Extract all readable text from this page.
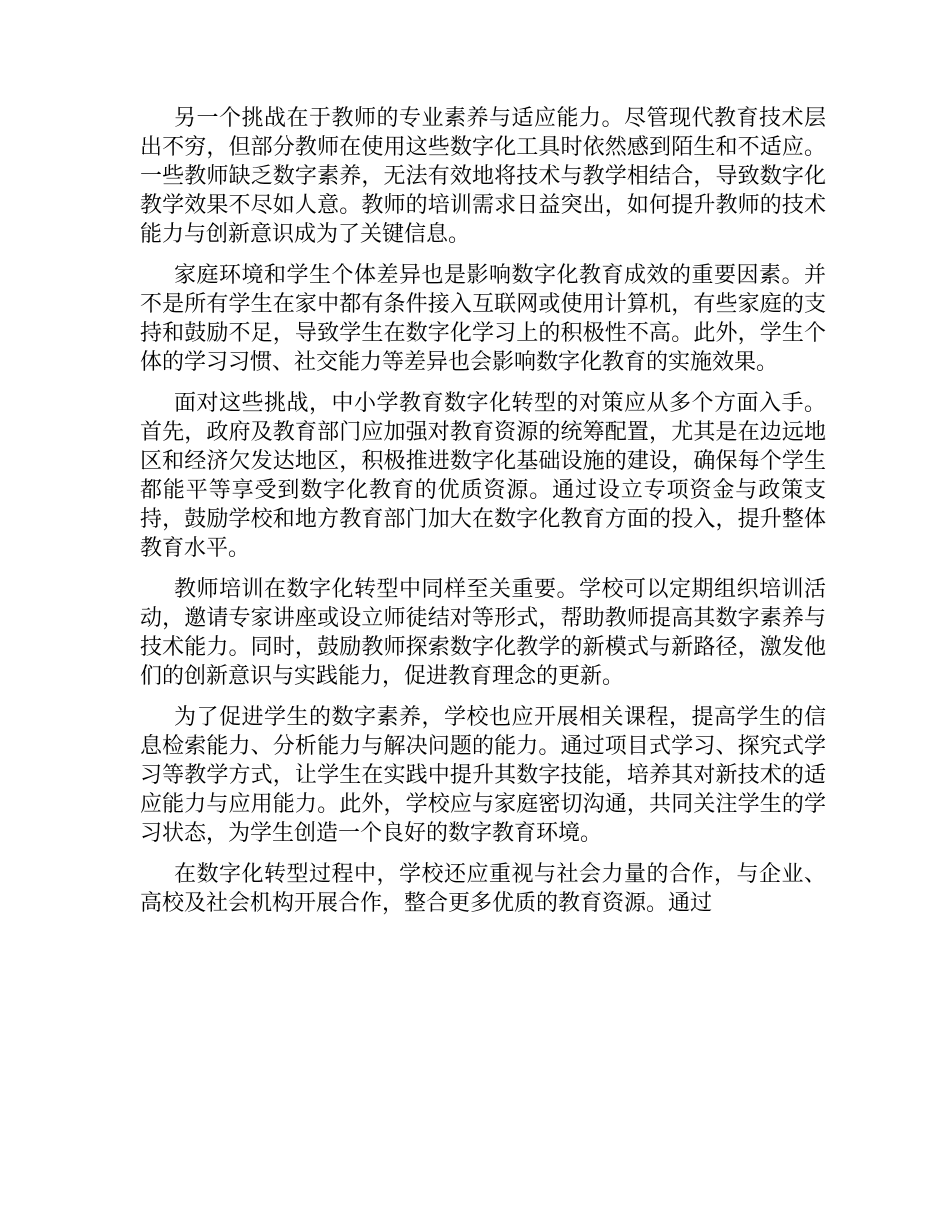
另一个挑战在于教师的专业素养与适应能力。尽管现代教育技术层出不穷，但部分教师在使用这些数字化工具时依然感到陌生和不适应。一些教师缺乏数字素养，无法有效地将技术与教学相结合，导致数字化教学效果不尽如人意。教师的培训需求日益突出，如何提升教师的技术能力与创新意识成为了关键信息。

家庭环境和学生个体差异也是影响数字化教育成效的重要因素。并不是所有学生在家中都有条件接入互联网或使用计算机，有些家庭的支持和鼓励不足，导致学生在数字化学习上的积极性不高。此外，学生个体的学习习惯、社交能力等差异也会影响数字化教育的实施效果。

面对这些挑战，中小学教育数字化转型的对策应从多个方面入手。首先，政府及教育部门应加强对教育资源的统筹配置，尤其是在边远地区和经济欠发达地区，积极推进数字化基础设施的建设，确保每个学生都能平等享受到数字化教育的优质资源。通过设立专项资金与政策支持，鼓励学校和地方教育部门加大在数字化教育方面的投入，提升整体教育水平。

教师培训在数字化转型中同样至关重要。学校可以定期组织培训活动，邀请专家讲座或设立师徒结对等形式，帮助教师提高其数字素养与技术能力。同时，鼓励教师探索数字化教学的新模式与新路径，激发他们的创新意识与实践能力，促进教育理念的更新。

为了促进学生的数字素养，学校也应开展相关课程，提高学生的信息检索能力、分析能力与解决问题的能力。通过项目式学习、探究式学习等教学方式，让学生在实践中提升其数字技能，培养其对新技术的适应能力与应用能力。此外，学校应与家庭密切沟通，共同关注学生的学习状态，为学生创造一个良好的数字教育环境。

在数字化转型过程中，学校还应重视与社会力量的合作，与企业、高校及社会机构开展合作，整合更多优质的教育资源。通过
